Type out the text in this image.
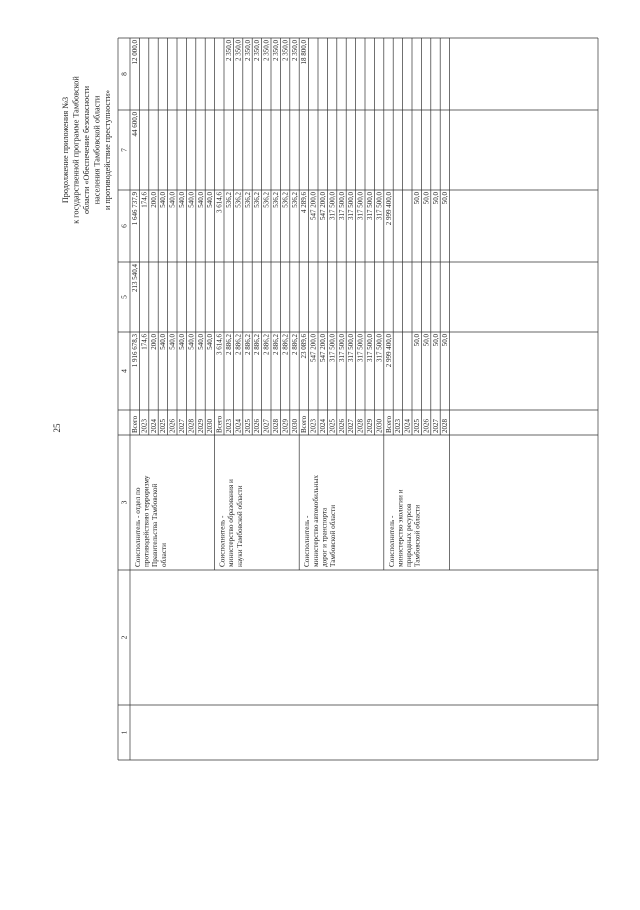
25
Продолжение приложения №3 к государственной программе Тамбовской области «Обеспечение безопасности населения Тамбовской области и противодействие преступности»
1
2
3
4
5
6
7
8
Всего
1 916 678,3
213 540,4
1 646 737,9
44 600,0
12 000,0
2023
174,6
174,6
2024
200,0
200,0
2025
540,0
540,0
2026
540,0
540,0
2027
540,0
540,0
2028
540,0
540,0
2029
540,0
540,0
2030
540,0
540,0
Соисполнитель - отдел по противодействию терроризму Правительства Тамбовской области
Всего
3 614,6
3 614,6
2023
2 886,2
536,2
2 350,0
2024
2 886,2
536,2
2 350,0
2025
2 886,2
536,2
2 350,0
2026
2 886,2
536,2
2 350,0
2027
2 886,2
536,2
2 350,0
2028
2 886,2
536,2
2 350,0
2029
2 886,2
536,2
2 350,0
2030
2 886,2
536,2
2 350,0
Соисполнитель - министерство образования и науки Тамбовской области
Всего
23 089,6
4 289,6
18 800,0
2023
547 200,0
547 200,0
2024
547 200,0
547 200,0
2025
317 500,0
317 500,0
2026
317 500,0
317 500,0
2027
317 500,0
317 500,0
2028
317 500,0
317 500,0
2029
317 500,0
317 500,0
2030
317 500,0
317 500,0
Соисполнитель - министерство автомобильных дорог и транспорта Тамбовской области
Всего
2 999 400,0
2 999 400,0
2023 2024 2025
50,0
50,0
2026
50,0
50,0
2027
50,0
50,0
2028
50,0
50,0
Соисполнитель - министерство экологии и природных ресурсов Тамбовской области
